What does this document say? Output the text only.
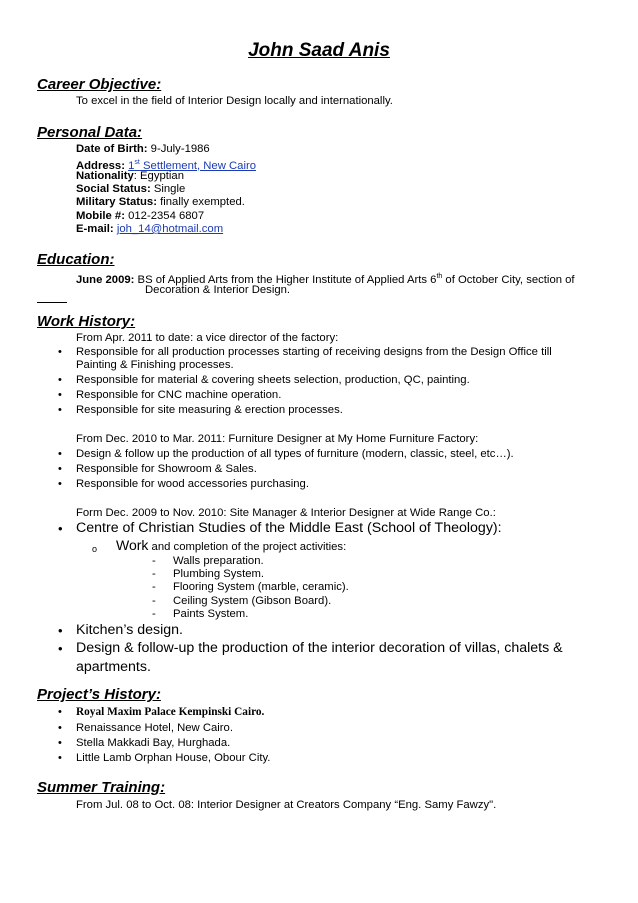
John Saad Anis
Career Objective:
To excel in the field of Interior Design locally and internationally.
Personal Data:
Date of Birth: 9-July-1986
Address: 1st Settlement, New Cairo
Nationality: Egyptian
Social Status: Single
Military Status: finally exempted.
Mobile #: 012-2354 6807
E-mail: joh_14@hotmail.com
Education:
June 2009: BS of Applied Arts from the Higher Institute of Applied Arts 6th of October City, section of
Decoration & Interior Design.
Work History:
From Apr. 2011 to date: a vice director of the factory:
• Responsible for all production processes starting of receiving designs from the Design Office till
Painting & Finishing processes.
• Responsible for material & covering sheets selection, production, QC, painting.
• Responsible for CNC machine operation.
• Responsible for site measuring & erection processes.
From Dec. 2010 to Mar. 2011: Furniture Designer at My Home Furniture Factory:
• Design & follow up the production of all types of furniture (modern, classic, steel, etc…).
• Responsible for Showroom & Sales.
• Responsible for wood accessories purchasing.
Form Dec. 2009 to Nov. 2010: Site Manager & Interior Designer at Wide Range Co.:
• Centre of Christian Studies of the Middle East (School of Theology):
o Work and completion of the project activities:
- Walls preparation.
- Plumbing System.
- Flooring System (marble, ceramic).
- Ceiling System (Gibson Board).
- Paints System.
• Kitchen’s design.
• Design & follow-up the production of the interior decoration of villas, chalets &
apartments.
Project’s History:
• Royal Maxim Palace Kempinski Cairo.
• Renaissance Hotel, New Cairo.
• Stella Makkadi Bay, Hurghada.
• Little Lamb Orphan House, Obour City.
Summer Training:
From Jul. 08 to Oct. 08: Interior Designer at Creators Company “Eng. Samy Fawzy".
